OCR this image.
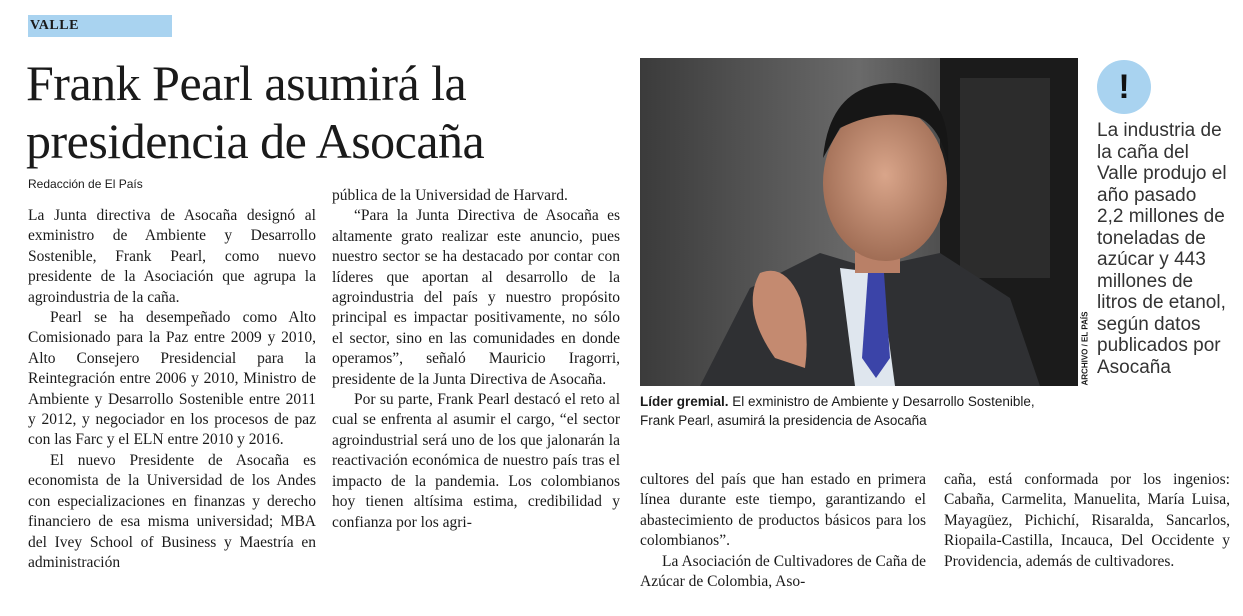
VALLE
Frank Pearl asumirá la presidencia de Asocaña
Redacción de El País

La Junta directiva de Asocaña designó al exministro de Ambiente y Desarrollo Sostenible, Frank Pearl, como nuevo presidente de la Asociación que agrupa la agroindustria de la caña.

Pearl se ha desempeñado como Alto Comisionado para la Paz entre 2009 y 2010, Alto Consejero Presidencial para la Reintegración entre 2006 y 2010, Ministro de Ambiente y Desarrollo Sostenible entre 2011 y 2012, y negociador en los procesos de paz con las Farc y el ELN entre 2010 y 2016.

El nuevo Presidente de Asocaña es economista de la Universidad de los Andes con especializaciones en finanzas y derecho financiero de esa misma universidad; MBA del Ivey School of Business y Maestría en administración

pública de la Universidad de Harvard.

“Para la Junta Directiva de Asocaña es altamente grato realizar este anuncio, pues nuestro sector se ha destacado por contar con líderes que aportan al desarrollo de la agroindustria del país y nuestro propósito principal es impactar positivamente, no sólo el sector, sino en las comunidades en donde operamos”, señaló Mauricio Iragorri, presidente de la Junta Directiva de Asocaña.

Por su parte, Frank Pearl destacó el reto al cual se enfrenta al asumir el cargo, “el sector agroindustrial será uno de los que jalonarán la reactivación económica de nuestro país tras el impacto de la pandemia. Los colombianos hoy tienen altísima estima, credibilidad y confianza por los agri-

ARCHIVO / EL PAÍS
Líder gremial. El exministro de Ambiente y Desarrollo Sostenible, Frank Pearl, asumirá la presidencia de Asocaña
!
La industria de la caña del Valle produjo el año pasado 2,2 millones de toneladas de azúcar y 443 millones de litros de etanol, según datos publicados por Asocaña

cultores del país que han estado en primera línea durante este tiempo, garantizando el abastecimiento de productos básicos para los colombianos”.

La Asociación de Cultivadores de Caña de Azúcar de Colombia, Aso-

caña, está conformada por los ingenios: Cabaña, Carmelita, Manuelita, María Luisa, Mayagüez, Pichichí, Risaralda, Sancarlos, Riopaila-Castilla, Incauca, Del Occidente y Providencia, además de cultivadores.
